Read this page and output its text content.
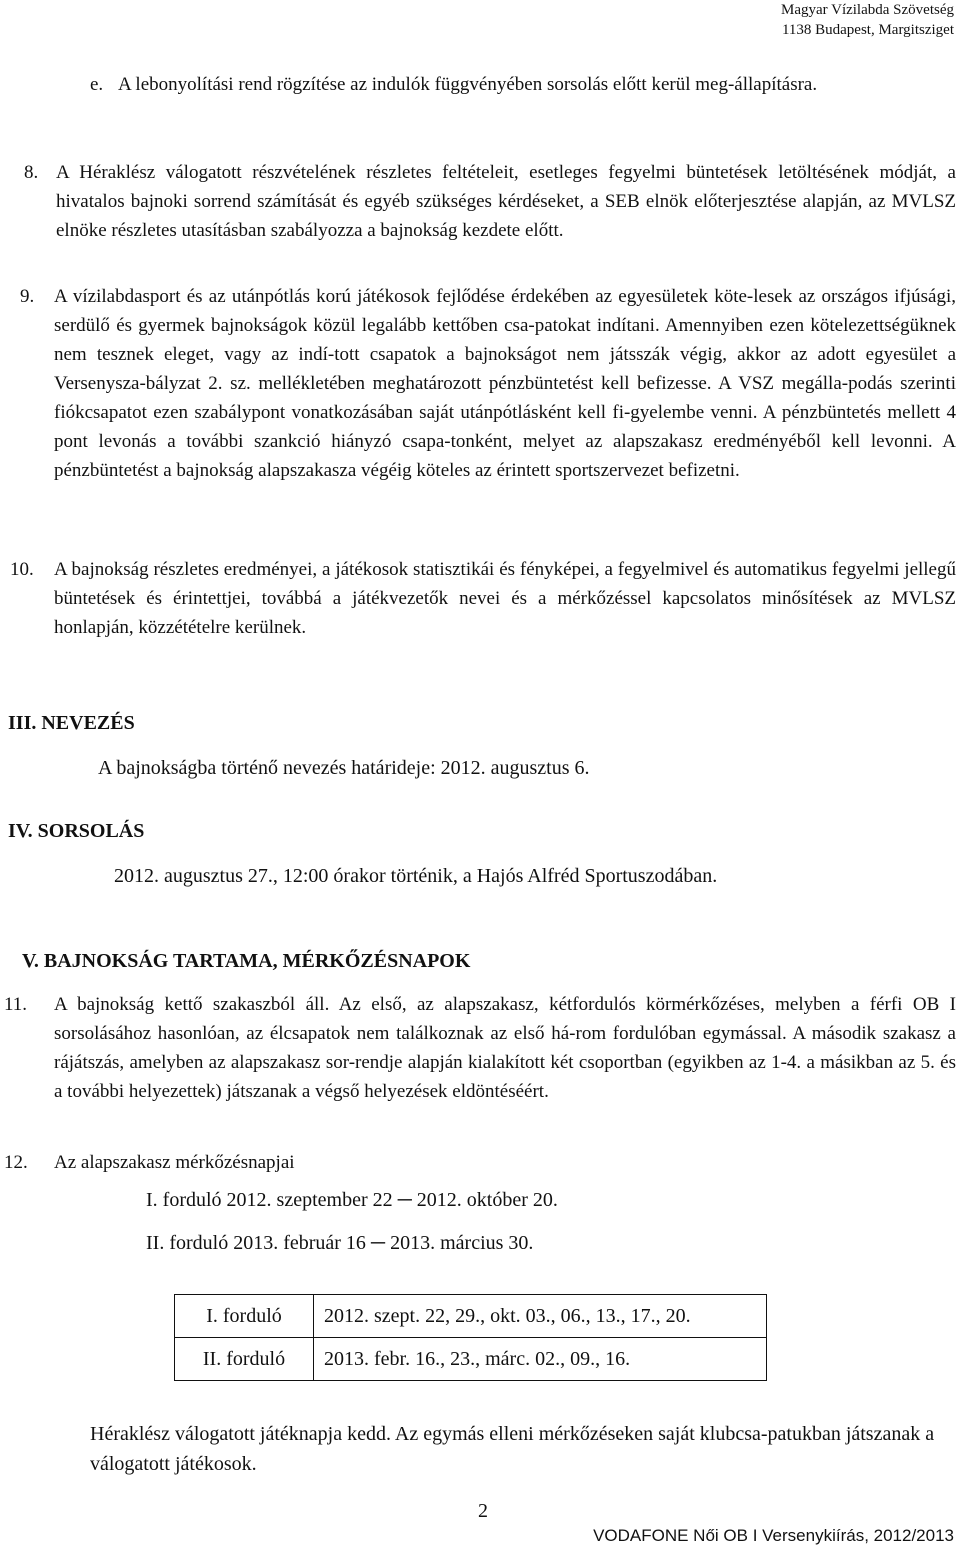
Magyar Vízilabda Szövetség
1138 Budapest, Margitsziget
e. A lebonyolítási rend rögzítése az indulók függvényében sorsolás előtt kerül meg-állapításra.
8. A Héraklész válogatott részvételének részletes feltételeit, esetleges fegyelmi büntetések letöltésének módját, a hivatalos bajnoki sorrend számítását és egyéb szükséges kérdéseket, a SEB elnök előterjesztése alapján, az MVLSZ elnöke részletes utasításban szabályozza a bajnokság kezdete előtt.
9. A vízilabdasport és az utánpótlás korú játékosok fejlődése érdekében az egyesületek köte-lesek az országos ifjúsági, serdülő és gyermek bajnokságok közül legalább kettőben csa-patokat indítani. Amennyiben ezen kötelezettségüknek nem tesznek eleget, vagy az indí-tott csapatok a bajnokságot nem játsszák végig, akkor az adott egyesület a Versenysza-bályzat 2. sz. mellékletében meghatározott pénzbüntetést kell befizesse. A VSZ megálla-podás szerinti fiókcsapatot ezen szabálypont vonatkozásában saját utánpótlásként kell fi-gyelembe venni. A pénzbüntetés mellett 4 pont levonás a további szankció hiányzó csapa-tonként, melyet az alapszakasz eredményéből kell levonni. A pénzbüntetést a bajnokság alapszakasza végéig köteles az érintett sportszervezet befizetni.
10. A bajnokság részletes eredményei, a játékosok statisztikái és fényképei, a fegyelmivel és automatikus fegyelmi jellegű büntetések és érintettjei, továbbá a játékvezetők nevei és a mérkőzéssel kapcsolatos minősítések az MVLSZ honlapján, közzétételre kerülnek.
III. NEVEZÉS
A bajnokságba történő nevezés határideje: 2012. augusztus 6.
IV. SORSOLÁS
2012. augusztus 27., 12:00 órakor történik, a Hajós Alfréd Sportuszodában.
V. BAJNOKSÁG TARTAMA, MÉRKŐZÉSNAPOK
11. A bajnokság kettő szakaszból áll. Az első, az alapszakasz, kétfordulós körmérkőzéses, melyben a férfi OB I sorsolásához hasonlóan, az élcsapatok nem találkoznak az első há-rom fordulóban egymással. A második szakasz a rájátszás, amelyben az alapszakasz sor-rendje alapján kialakított két csoportban (egyikben az 1-4. a másikban az 5. és a további helyezettek) játszanak a végső helyezések eldöntéséért.
12. Az alapszakasz mérkőzésnapjai
I. forduló 2012. szeptember 22 ─ 2012. október 20.
II. forduló 2013. február 16 ─ 2013. március 30.
I. forduló	2012. szept. 22, 29., okt. 03., 06., 13., 17., 20.
II. forduló	2013. febr. 16., 23., márc. 02., 09., 16.
Héraklész válogatott játéknapja kedd. Az egymás elleni mérkőzéseken saját klubcsa-patukban játszanak a válogatott játékosok.
2
VODAFONE Női OB I Versenykiírás, 2012/2013
